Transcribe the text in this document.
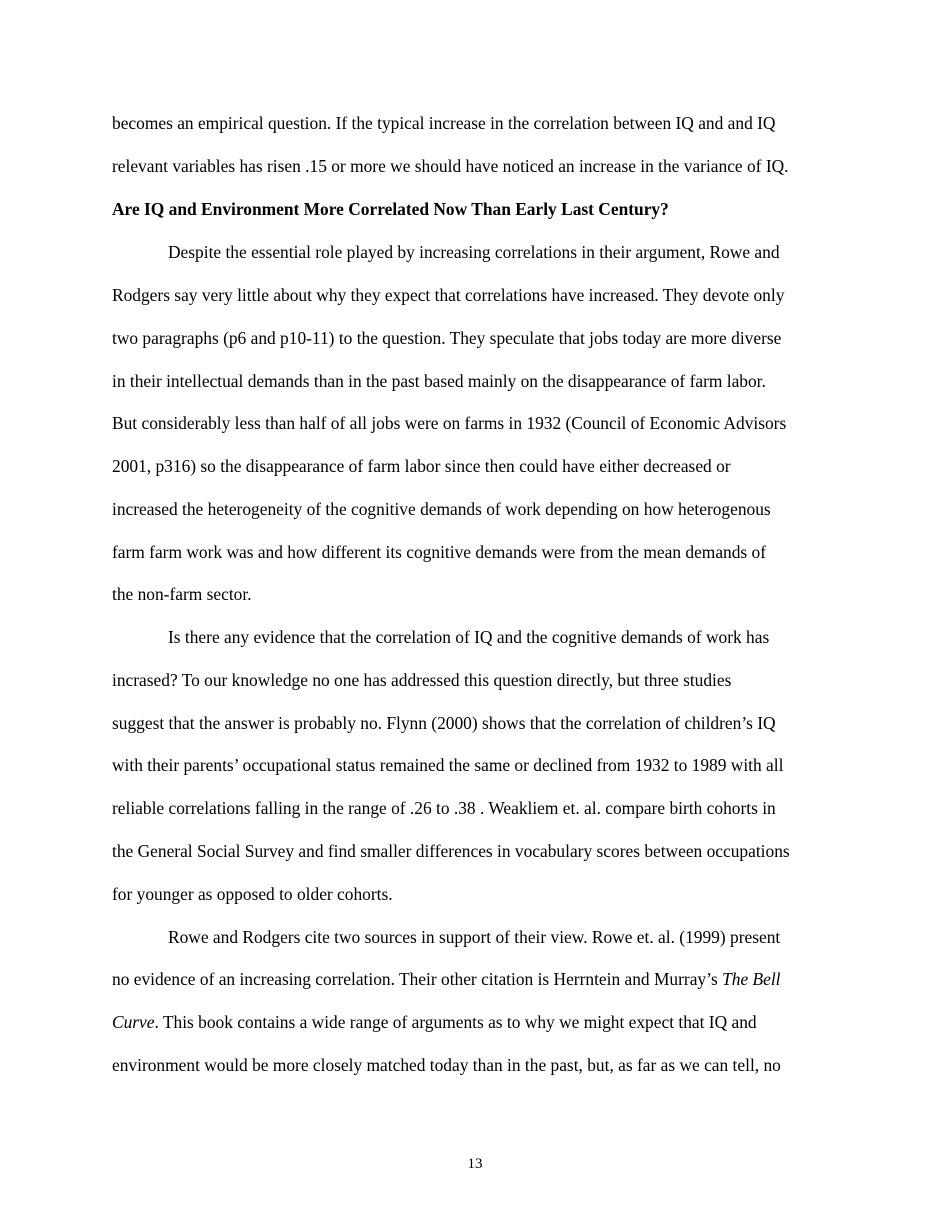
becomes an empirical question. If the typical increase in the correlation between IQ and and IQ
relevant variables has risen .15 or more we should have noticed an increase in the variance of IQ.
Are IQ and Environment More Correlated Now Than Early Last Century?
Despite the essential role played by increasing correlations in their argument, Rowe and
Rodgers say very little about why they expect that correlations have increased. They devote only
two paragraphs (p6 and p10-11) to the question. They speculate that jobs today are more diverse
in their intellectual demands than in the past based mainly on the disappearance of farm labor.
But considerably less than half of all jobs were on farms in 1932 (Council of Economic Advisors
2001, p316) so the disappearance of farm labor since then could have either decreased or
increased the heterogeneity of the cognitive demands of work depending on how heterogenous
farm farm work was and how different its cognitive demands were from the mean demands of
the non-farm sector.
Is there any evidence that the correlation of IQ and the cognitive demands of work has
incrased? To our knowledge no one has addressed this question directly, but three studies
suggest that the answer is probably no. Flynn (2000) shows that the correlation of children’s IQ
with their parents’ occupational status remained the same or declined from 1932 to 1989 with all
reliable correlations falling in the range of .26 to .38 . Weakliem et. al. compare birth cohorts in
the General Social Survey and find smaller differences in vocabulary scores between occupations
for younger as opposed to older cohorts.
Rowe and Rodgers cite two sources in support of their view. Rowe et. al. (1999) present
no evidence of an increasing correlation. Their other citation is Herrntein and Murray’s The Bell
Curve. This book contains a wide range of arguments as to why we might expect that IQ and
environment would be more closely matched today than in the past, but, as far as we can tell, no
13
